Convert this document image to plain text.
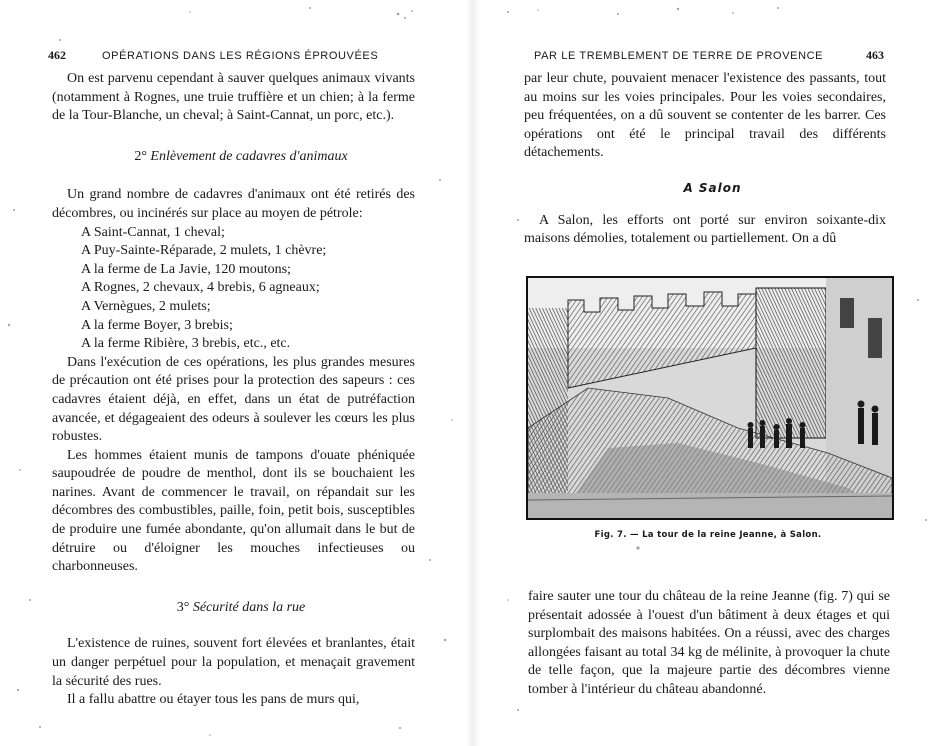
462	OPÉRATIONS DANS LES RÉGIONS ÉPROUVÉES

On est parvenu cependant à sauver quelques animaux vivants (notamment à Rognes, une truie truffière et un chien; à la ferme de la Tour-Blanche, un cheval; à Saint-Cannat, un porc, etc.).

2° Enlèvement de cadavres d'animaux

Un grand nombre de cadavres d'animaux ont été retirés des décombres, ou incinérés sur place au moyen de pétrole:

A Saint-Cannat, 1 cheval;

A Puy-Sainte-Réparade, 2 mulets, 1 chèvre;

A la ferme de La Javie, 120 moutons;

A Rognes, 2 chevaux, 4 brebis, 6 agneaux;

A Vernègues, 2 mulets;

A la ferme Boyer, 3 brebis;

A la ferme Ribière, 3 brebis, etc., etc.

Dans l'exécution de ces opérations, les plus grandes mesures de précaution ont été prises pour la protection des sapeurs : ces cadavres étaient déjà, en effet, dans un état de putréfaction avancée, et dégageaient des odeurs à soulever les cœurs les plus robustes.

Les hommes étaient munis de tampons d'ouate phéniquée saupoudrée de poudre de menthol, dont ils se bouchaient les narines. Avant de commencer le travail, on répandait sur les décombres des combustibles, paille, foin, petit bois, susceptibles de produire une fumée abondante, qu'on allumait dans le but de détruire ou d'éloigner les mouches infectieuses ou charbonneuses.

3° Sécurité dans la rue

L'existence de ruines, souvent fort élevées et branlantes, était un danger perpétuel pour la population, et menaçait gravement la sécurité des rues.

Il a fallu abattre ou étayer tous les pans de murs qui,

PAR LE TREMBLEMENT DE TERRE DE PROVENCE	463

par leur chute, pouvaient menacer l'existence des passants, tout au moins sur les voies principales. Pour les voies secondaires, peu fréquentées, on a dû souvent se contenter de les barrer. Ces opérations ont été le principal travail des différents détachements.

A Salon

A Salon, les efforts ont porté sur environ soixante-dix maisons démolies, totalement ou partiellement. On a dû

Fig. 7. — La tour de la reine Jeanne, à Salon.

faire sauter une tour du château de la reine Jeanne (fig. 7) qui se présentait adossée à l'ouest d'un bâtiment à deux étages et qui surplombait des maisons habitées. On a réussi, avec des charges allongées faisant au total 34 kg de mélinite, à provoquer la chute de telle façon, que la majeure partie des décombres vienne tomber à l'intérieur du château abandonné.
